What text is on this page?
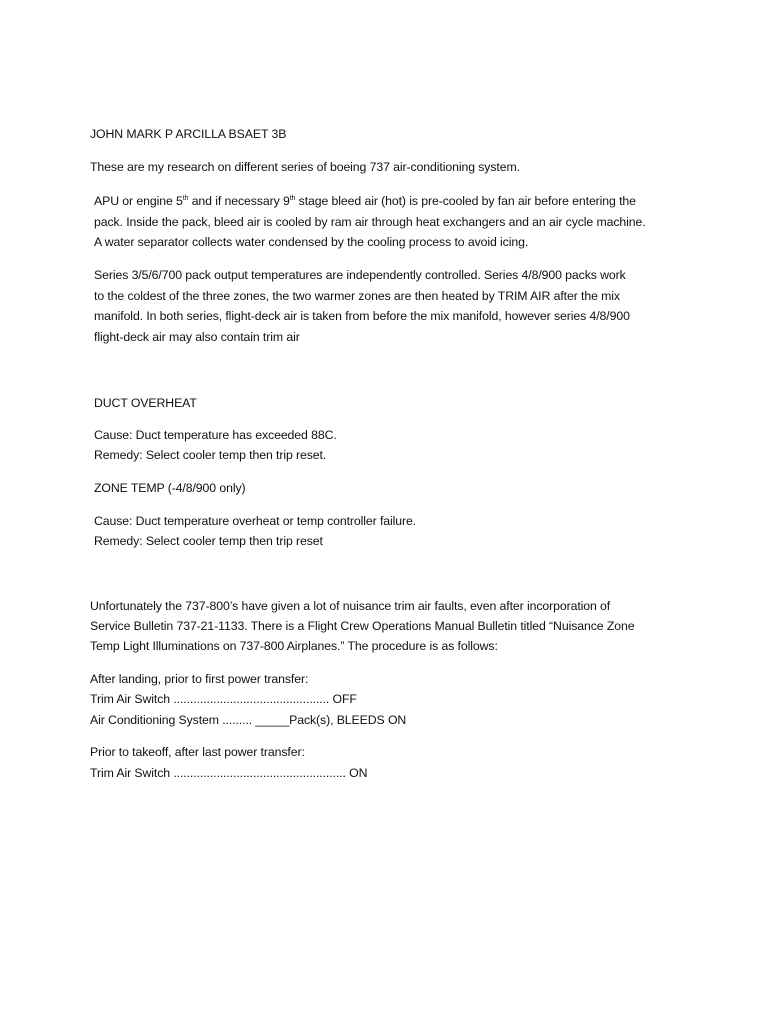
JOHN MARK P ARCILLA BSAET 3B
These are my research on different series of boeing 737 air-conditioning system.
APU or engine 5th and if necessary 9th stage bleed air (hot) is pre-cooled by fan air before entering the
pack. Inside the pack, bleed air is cooled by ram air through heat exchangers and an air cycle machine.
A water separator collects water condensed by the cooling process to avoid icing.
Series 3/5/6/700 pack output temperatures are independently controlled. Series 4/8/900 packs work
to the coldest of the three zones, the two warmer zones are then heated by TRIM AIR after the mix
manifold. In both series, flight-deck air is taken from before the mix manifold, however series 4/8/900
flight-deck air may also contain trim air
DUCT OVERHEAT
Cause: Duct temperature has exceeded 88C.
Remedy: Select cooler temp then trip reset.
ZONE TEMP (-4/8/900 only)
Cause: Duct temperature overheat or temp controller failure.
Remedy: Select cooler temp then trip reset
Unfortunately the 737-800’s have given a lot of nuisance trim air faults, even after incorporation of
Service Bulletin 737-21-1133. There is a Flight Crew Operations Manual Bulletin titled “Nuisance Zone
Temp Light Illuminations on 737-800 Airplanes.” The procedure is as follows:
After landing, prior to first power transfer:
Trim Air Switch ............................................... OFF
Air Conditioning System ......... _____Pack(s), BLEEDS ON
Prior to takeoff, after last power transfer:
Trim Air Switch .................................................... ON
